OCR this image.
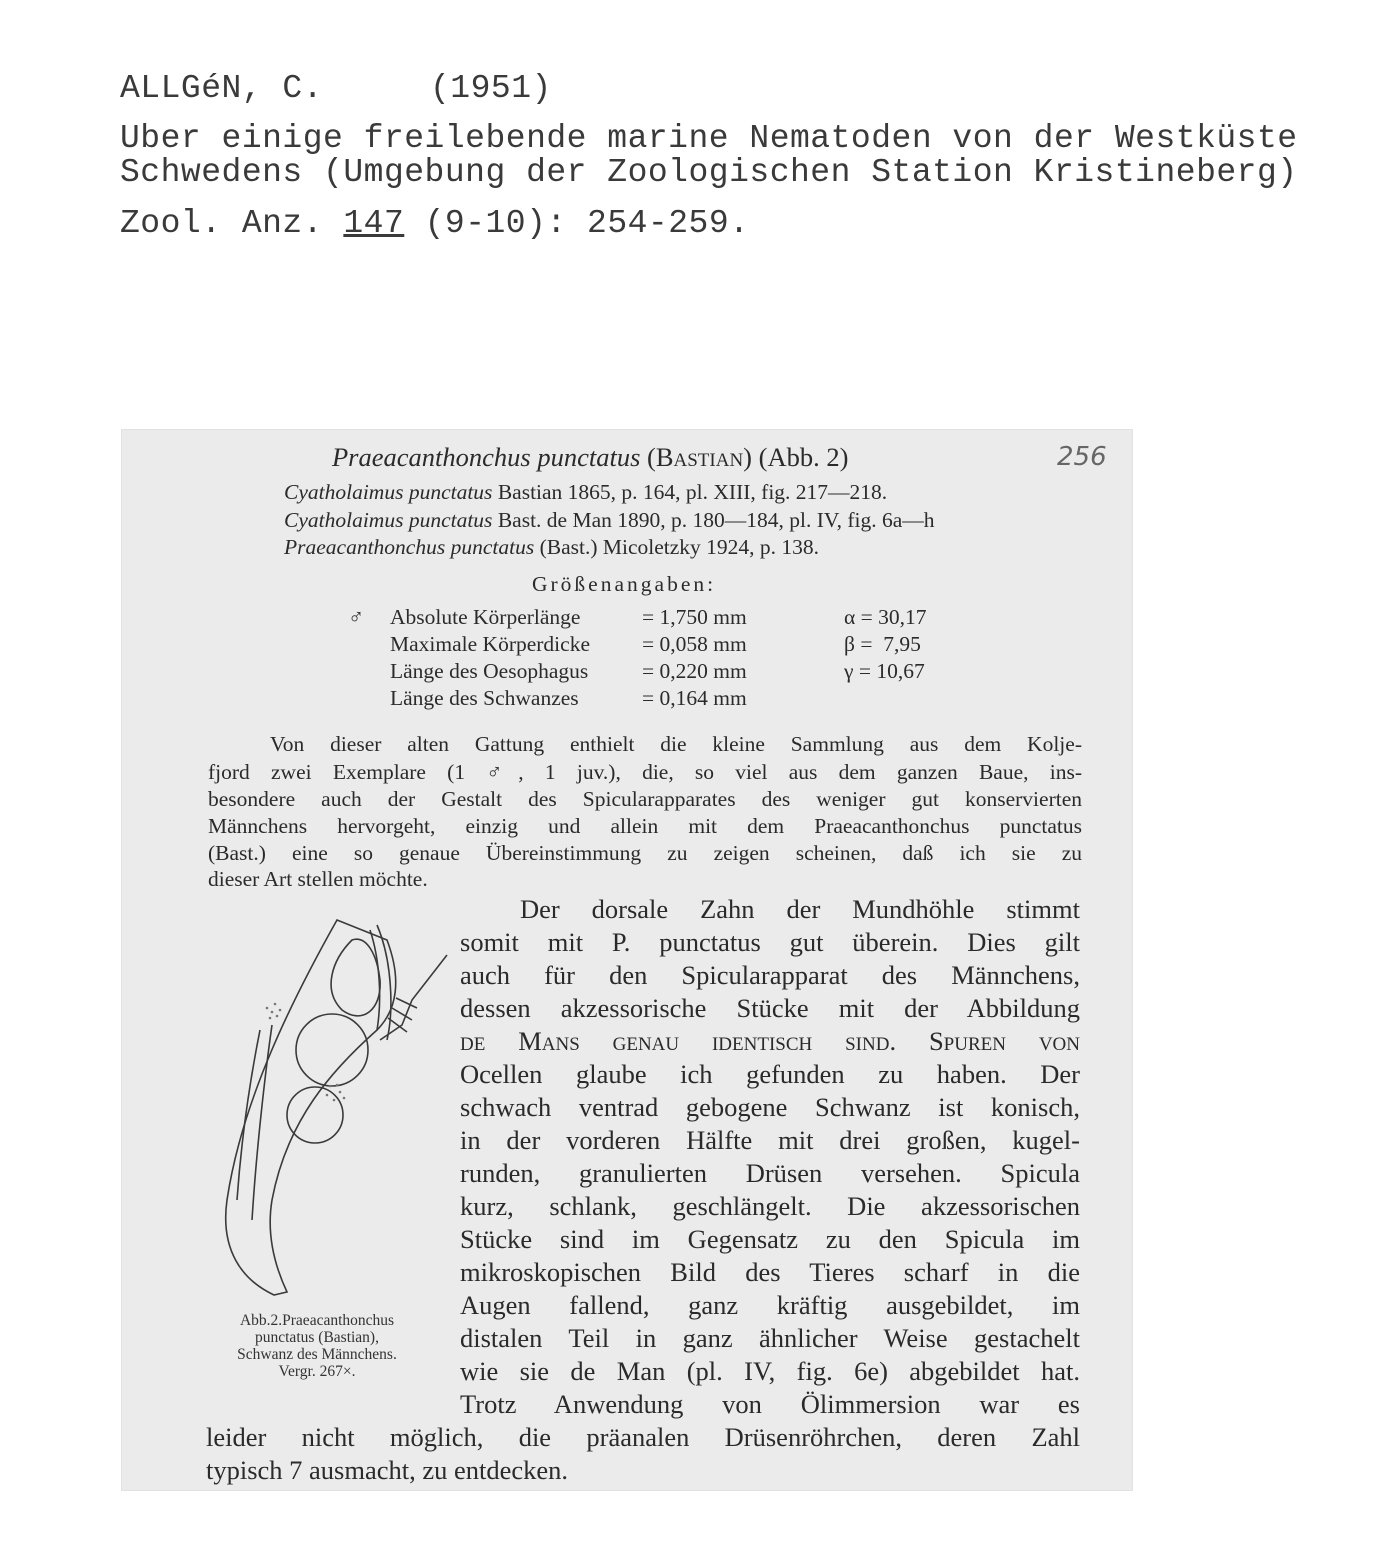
ALLGéN, C.	(1951)
Uber einige freilebende marine Nematoden von der Westküste
Schwedens (Umgebung der Zoologischen Station Kristineberg)
Zool. Anz. 147 (9-10): 254-259.
Praeacanthonchus punctatus (Bastian) (Abb. 2)	256
Cyatholaimus punctatus Bastian 1865, p. 164, pl. XIII, fig. 217—218.
Cyatholaimus punctatus Bast. de Man 1890, p. 180—184, pl. IV, fig. 6a—h
Praeacanthonchus punctatus (Bast.) Micoletzky 1924, p. 138.
Größenangaben:
♂ Absolute Körperlänge	= 1,750 mm	α = 30,17
Maximale Körperdicke = 0,058 mm	β =  7,95
Länge des Oesophagus	= 0,220 mm	γ = 10,67
Länge des Schwanzes	= 0,164 mm
Von dieser alten Gattung enthielt die kleine Sammlung aus dem Kolje-
fjord zwei Exemplare (1 ♂, 1 juv.), die, so viel aus dem ganzen Baue, ins-
besondere auch der Gestalt des Spicularapparates des weniger gut konservierten
Männchens hervorgeht, einzig und allein mit dem Praeacanthonchus punctatus
(Bast.) eine so genaue Übereinstimmung zu zeigen scheinen, daß ich sie zu
dieser Art stellen möchte.
Abb.2.Praeacanthonchus
punctatus (Bastian),
Schwanz des Männchens.
Vergr. 267×.
Der dorsale Zahn der Mundhöhle stimmt
somit mit P. punctatus gut überein. Dies gilt
auch für den Spicularapparat des Männchens,
dessen akzessorische Stücke mit der Abbildung
de Mans genau identisch sind. Spuren von
Ocellen glaube ich gefunden zu haben. Der
schwach ventrad gebogene Schwanz ist konisch,
in der vorderen Hälfte mit drei großen, kugel-
runden, granulierten Drüsen versehen. Spicula
kurz, schlank, geschlängelt. Die akzessorischen
Stücke sind im Gegensatz zu den Spicula im
mikroskopischen Bild des Tieres scharf in die
Augen fallend, ganz kräftig ausgebildet, im
distalen Teil in ganz ähnlicher Weise gestachelt
wie sie de Man (pl. IV, fig. 6e) abgebildet hat.
Trotz Anwendung von Ölimmersion war es
leider nicht möglich, die präanalen Drüsenröhrchen, deren Zahl
typisch 7 ausmacht, zu entdecken.
